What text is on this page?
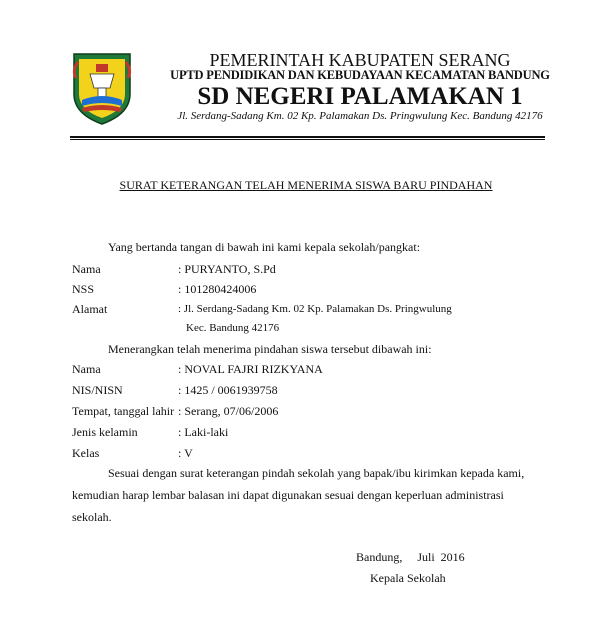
PEMERINTAH KABUPATEN SERANG
UPTD PENDIDIKAN DAN KEBUDAYAAN KECAMATAN BANDUNG
SD NEGERI PALAMAKAN 1
Jl. Serdang-Sadang Km. 02 Kp. Palamakan Ds. Pringwulung Kec. Bandung 42176
SURAT KETERANGAN TELAH MENERIMA SISWA BARU PINDAHAN
Yang bertanda tangan di bawah ini kami kepala sekolah/pangkat:
Nama	: PURYANTO, S.Pd
NSS	: 101280424006
Alamat	: Jl. Serdang-Sadang Km. 02 Kp. Palamakan Ds. Pringwulung
Kec. Bandung 42176
Menerangkan telah menerima pindahan siswa tersebut dibawah ini:
Nama	: NOVAL FAJRI RIZKYANA
NIS/NISN	: 1425 / 0061939758
Tempat, tanggal lahir : Serang, 07/06/2006
Jenis kelamin	: Laki-laki
Kelas	: V
Sesuai dengan surat keterangan pindah sekolah yang bapak/ibu kirimkan kepada kami,
kemudian harap lembar balasan ini dapat digunakan sesuai dengan keperluan administrasi
sekolah.
Bandung,     Juli  2016
Kepala Sekolah
